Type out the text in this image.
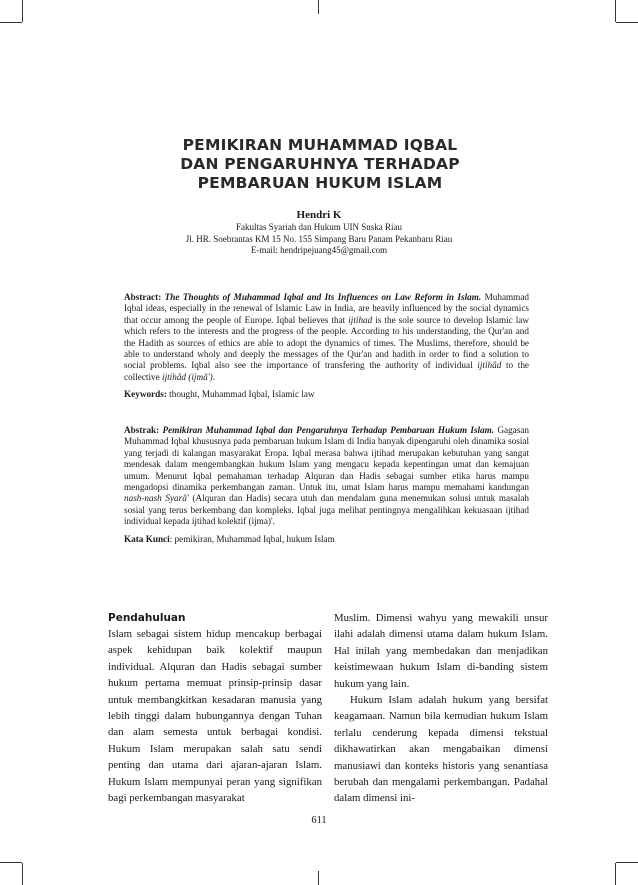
PEMIKIRAN MUHAMMAD IQBAL
DAN PENGARUHNYA TERHADAP
PEMBARUAN HUKUM ISLAM
Hendri K
Fakultas Syariah dan Hukum UIN Suska Riau
Jl. HR. Soebrantas KM 15 No. 155 Simpang Baru Panam Pekanbaru Riau
E-mail: hendripejuang45@gmail.com

Abstract: The Thoughts of Muhammad Iqbal and Its Influences on Law Reform in Islam. Muhammad Iqbal ideas, especially in the renewal of Islamic Law in India, are heavily influenced by the social dynamics that occur among the people of Europe. Iqbal believes that ijtihad is the sole source to develop Islamic law which refers to the interests and the progress of the people. According to his understanding, the Qur'an and the Hadith as sources of ethics are able to adopt the dynamics of times. The Muslims, therefore, should be able to understand wholy and deeply the messages of the Qur'an and hadith in order to find a solution to social problems. Iqbal also see the importance of transfering the authority of individual ijtihâd to the collective ijtihâd (ijmâ').

Keywords: thought, Muhammad Iqbal, Islamic law

Abstrak: Pemikiran Muhammad Iqbal dan Pengaruhnya Terhadap Pembaruan Hukum Islam. Gagasan Muhammad Iqbal khususnya pada pembaruan hukum Islam di India banyak dipengaruhi oleh dinamika sosial yang terjadi di kalangan masyarakat Eropa. Iqbal merasa bahwa ijtihad merupakan kebutuhan yang sangat mendesak dalam mengembangkan hukum Islam yang mengacu kepada kepentingan umat dan kemajuan umum. Menurut Iqbal pemahaman terhadap Alquran dan Hadis sebagai sumber etika harus mampu mengadopsi dinamika perkembangan zaman. Untuk itu, umat Islam harus mampu memahami kandungan nash-nash Syarâ' (Alquran dan Hadis) secara utuh dan mendalam guna menemukan solusi untuk masalah sosial yang terus berkembang dan kompleks. Iqbal juga melihat pentingnya mengalihkan kekuasaan ijtihad individual kepada ijtihad kolektif (ijma)'.

Kata Kunci: pemikiran, Muhammad Iqbal, hukum Islam

Pendahuluan

Islam sebagai sistem hidup mencakup berbagai aspek kehidupan baik kolektif maupun individual. Alquran dan Hadis sebagai sumber hukum pertama memuat prinsip-prinsip dasar untuk membangkitkan kesadaran manusia yang lebih tinggi dalam hubungannya dengan Tuhan dan alam semesta untuk berbagai kondisi. Hukum Islam merupakan salah satu sendi penting dan utama dari ajaran-ajaran Islam. Hukum Islam mempunyai peran yang signifikan bagi perkembangan masyarakat

Muslim. Dimensi wahyu yang mewakili unsur ilahi adalah dimensi utama dalam hukum Islam. Hal inilah yang membedakan dan menjadikan keistimewaan hukum Islam di-banding sistem hukum yang lain.

Hukum Islam adalah hukum yang bersifat keagamaan. Namun bila kemudian hukum Islam terlalu cenderung kepada dimensi tekstual dikhawatirkan akan mengabaikan dimensi manusiawi dan konteks historis yang senantiasa berubah dan mengalami perkembangan. Padahal dalam dimensi ini-

611
